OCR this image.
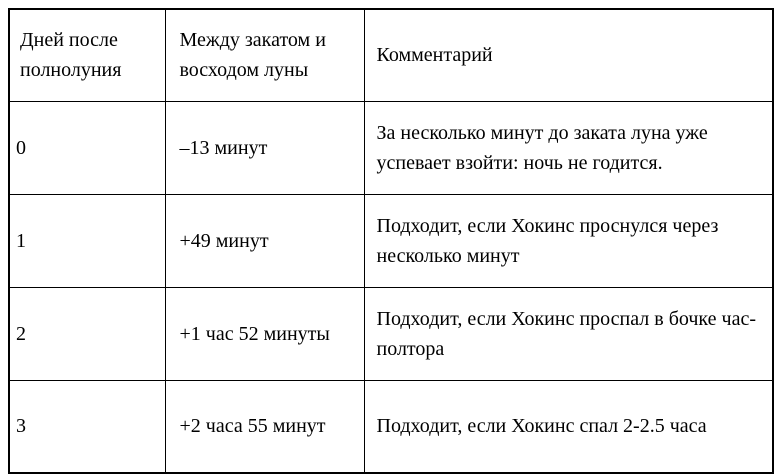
Дней после полнолуния	Между закатом и восходом луны	Комментарий
0	–13 минут	За несколько минут до заката луна уже успевает взойти: ночь не годится.
1	+49 минут	Подходит, если Хокинс проснулся через несколько минут
2	+1 час 52 минуты	Подходит, если Хокинс проспал в бочке час-полтора
3	+2 часа 55 минут	Подходит, если Хокинс спал 2-2.5 часа
